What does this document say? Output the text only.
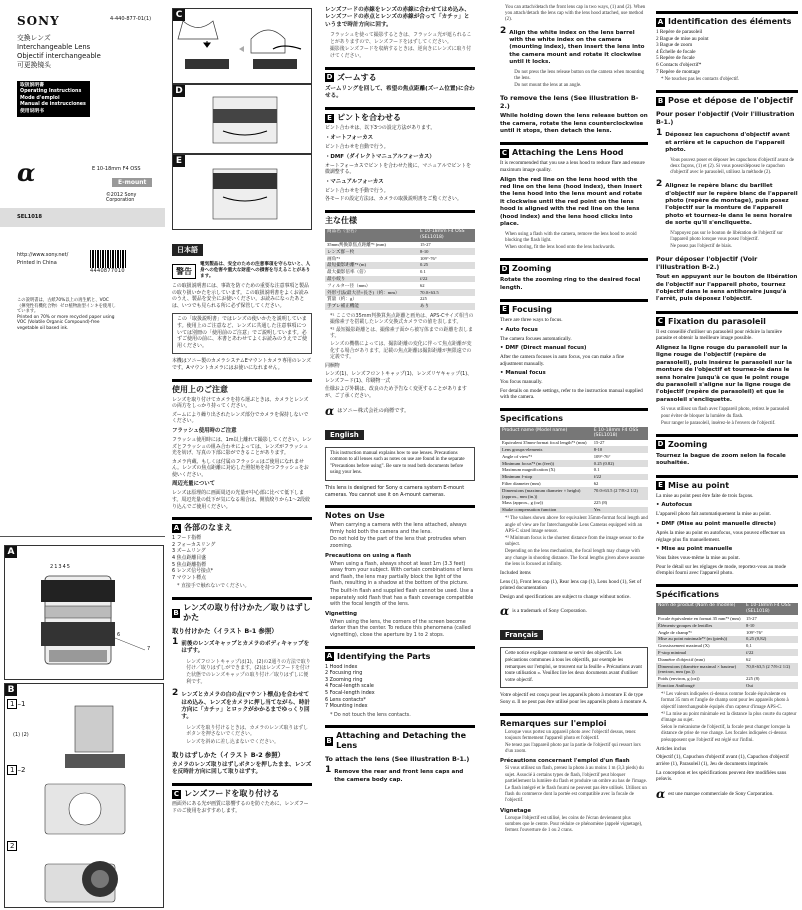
SONY	4-440-877-01(1)
交換レンズ
Interchangeable Lens
Objectif interchangeable
可更换镜头
取扱説明書
Operating Instructions
Mode d'emploi
Manual de instrucciones
使用说明书
α	E 10-18mm F4 OSS
E-mount
©2012 Sony Corporation
SEL1018
http://www.sony.net/
Printed in China
4440877010
この説明書は、古紙70%以上の再生紙と、VOC（揮発性有機化合物）ゼロ植物油型インキを使用しています。
Printed on 70% or more recycled paper using VOC (Volatile Organic Compound)-free vegetable oil based ink.
A
21345
6
7
B
1 –1
(1) (2)
1 –2
2
C
D
E
日本語
警告
電気製品は、安全のための注意事項を守らないと、人身への危害や重大な財産への損害を与えることがあります。
この取扱説明書には、事故を防ぐための重要な注意事項と製品の取り扱いかたを示しています。この取扱説明書をよくお読みのうえ、製品を安全にお使いください。お読みになったあとは、いつでも見られる所に必ず保管してください。
この「取扱説明書」ではレンズの使いかたを説明しています。使用上のご注意など、レンズに共通した注意事項については別冊の「使用前のご注意」でご説明しています。必ずご使用の前に、本書とあわせてよくお読みのうえでご使用ください。
本機はソニー製のカメラシステムEマウントカメラ専用のレンズです。Aマウントカメラにはお使いになれません。
使用上のご注意
レンズを取り付けてカメラを持ち運ぶときは、カメラとレンズの両方をしっかり持ってください。
ズームにより繰り出されたレンズ部分でカメラを保持しないでください。
フラッシュ使用時のご注意
フラッシュ使用時には、1m以上離れて撮影してください。レンズとフラッシュの組み合わせによっては、レンズがフラッシュ光を妨げ、写真の下部に影ができることがあります。
カメラ内蔵、もしくは付属のフラッシュはご使用になれません。レンズの焦点距離に対応した照射角を持つフラッシュをお使いください。
周辺光量について
レンズは原理的に画面周辺の光量が中心部に比べて低下します。周辺光量の低下が気になる場合は、開放絞りから1～2段絞り込んでご使用ください。
A 各部のなまえ
1 フード指標
2 フォーカスリング
3 ズームリング
4 焦点距離目盛
5 焦点距離指標
6 レンズ信号接点*
7 マウント標点
* 直接手で触れないでください。
B
レンズの取り付けかた／取りはずしかた
取り付けかた（イラスト B-1 参照）
1 前後のレンズキャップとカメラのボディキャップをはずす。
レンズフロントキャップは(1)、(2)の2通りの方法で取り付け／取りはずしができます。(2)はレンズフードを付けた状態でのレンズキャップの取り付け／取りはずしに便利です。
2 レンズとカメラの白の点(マウント標点)を合わせてはめ込み、レンズをカメラに押し当てながら、時計方向に「カチッ」とロックがかかるまでゆっくり回す。
レンズを取り付けるときは、カメラのレンズ取りはずしボタンを押さないでください。
レンズを斜めに差し込まないでください。
取りはずしかた（イラスト B-2 参照）
カメラのレンズ取りはずしボタンを押したまま、レンズを反時計方向に回して取りはずす。
C レンズフードを取り付ける
画面外にある光が画質に影響するのを防ぐために、レンズフードのご使用をおすすめします。
レンズフードの赤線をレンズの赤線に合わせてはめ込み、レンズフードの赤点とレンズの赤線が合って「カチッ」というまで時計方向に回す。
フラッシュを使って撮影するときは、フラッシュ光が遮られることがありますので、レンズフードをはずしてください。
撮影後レンズフードを収納するときは、逆向きにレンズに取り付けてください。
D ズームする
ズームリングを回して、希望の焦点距離(ズーム位置)に合わせる。
E ピントを合わせる
ピント合わせは、以下3つの設定方法があります。
・オートフォーカス
ピント合わせを自動で行う。
・DMF（ダイレクトマニュアルフォーカス）
オートフォーカスでピントを合わせた後に、マニュアルでピントを微調整する。
・マニュアルフォーカス
ピント合わせを手動で行う。
各モードの設定方法は、カメラの取扱説明書をご覧ください。
主な仕様
商品名（型名）	E 10-18mm F4 OSS (SEL1018)
35mm判換算焦点距離*¹ (mm)	15-27
レンズ群－枚	8-10
画角*¹	109°-76°
最短撮影距離*² (m)	0.25
最大撮影倍率（倍）	0.1
最小絞り	f/22
フィルター径（mm）	62
外形寸法(最大径×長さ)（約：mm）	70.0×63.5
質量（約：g）	225
手ブレ補正機能	あり
*¹ ここでの35mm判換算焦点距離と画角は、APS-Cサイズ相当の撮像素子を搭載したレンズ交換式カメラでの値を表します。
*² 最短撮影距離とは、撮像素子面から被写体までの距離を表します。
レンズの機構によっては、撮影距離の変化に伴って焦点距離が変化する場合があります。記載の焦点距離は撮影距離が無限遠での定義です。
同梱物
レンズ(1)、レンズフロントキャップ(1)、レンズリヤキャップ(1)、レンズフード(1)、印刷物一式
仕様および外観は、改良のため予告なく変更することがありますが、ご了承ください。
α はソニー株式会社の商標です。
English
This instruction manual explains how to use lenses. Precautions common to all lenses such as notes on use are found in the separate "Precautions before using". Be sure to read both documents before using your lens.
This lens is designed for Sony α camera system E-mount cameras. You cannot use it on A-mount cameras.
Notes on Use
When carrying a camera with the lens attached, always firmly hold both the camera and the lens.
Do not hold by the part of the lens that protrudes when zooming.
Precautions on using a flash
When using a flash, always shoot at least 1m (3.3 feet) away from your subject. With certain combinations of lens and flash, the lens may partially block the light of the flash, resulting in a shadow at the bottom of the picture.
The built-in flash and supplied flash cannot be used. Use a separately sold flash that has a flash coverage compatible with the focal length of the lens.
Vignetting
When using the lens, the corners of the screen become darker than the center. To reduce this phenomena (called vignetting), close the aperture by 1 to 2 stops.
A Identifying the Parts
1 Hood index
2 Focusing ring
3 Zooming ring
4 Focal-length scale
5 Focal-length index
6 Lens contacts*
7 Mounting index
* Do not touch the lens contacts.
B
Attaching and Detaching the Lens
To attach the lens (See illustration B-1.)
1 Remove the rear and front lens caps and the camera body cap.
You can attach/detach the front lens cap in two ways, (1) and (2). When you attach/detach the lens cap with the lens hood attached, use method (2).
2 Align the white index on the lens barrel with the white index on the camera (mounting index), then insert the lens into the camera mount and rotate it clockwise until it locks.
Do not press the lens release button on the camera when mounting the lens.
Do not mount the lens at an angle.
To remove the lens (See illustration B-2.)
While holding down the lens release button on the camera, rotate the lens counterclockwise until it stops, then detach the lens.
C Attaching the Lens Hood
It is recommended that you use a lens hood to reduce flare and ensure maximum image quality.
Align the red line on the lens hood with the red line on the lens (hood index), then insert the lens hood into the lens mount and rotate it clockwise until the red point on the lens hood is aligned with the red line on the lens (hood index) and the lens hood clicks into place.
When using a flash with the camera, remove the lens hood to avoid blocking the flash light.
When storing, fit the lens hood onto the lens backwards.
D Zooming
Rotate the zooming ring to the desired focal length.
E Focusing
There are three ways to focus.
• Auto focus
The camera focuses automatically.
• DMF (Direct manual focus)
After the camera focuses in auto focus, you can make a fine adjustment manually.
• Manual focus
You focus manually.
For details on mode settings, refer to the instruction manual supplied with the camera.
Specifications
Product name (Model name)	E 10-18mm F4 OSS (SEL1018)
Equivalent 35mm-format focal length*¹ (mm)	15-27
Lens groups-elements	8-10
Angle of view*¹	109°-76°
Minimum focus*² (m (feet))	0.25 (0.82)
Maximum magnification (X)	0.1
Minimum f-stop	f/22
Filter diameter (mm)	62
Dimensions (maximum diameter × height) (approx., mm (in.))	70.0×63.5 (2 7/8×2 1/2)
Mass (approx., g (oz))	225 (8)
Shake compensation function	Yes
*¹ The values shown above for equivalent 35mm-format focal length and angle of view are for Interchangeable Lens Cameras equipped with an APS-C sized image sensor.
*² Minimum focus is the shortest distance from the image sensor to the subject.
Depending on the lens mechanism, the focal length may change with any change in shooting distance. The focal lengths given above assume the lens is focused at infinity.
Included items
Lens (1), Front lens cap (1), Rear lens cap (1), Lens hood (1), Set of printed documentation
Design and specifications are subject to change without notice.
α is a trademark of Sony Corporation.
Français
Cette notice explique comment se servir des objectifs. Les précautions communes à tous les objectifs, par exemple les remarques sur l'emploi, se trouvent sur la feuille « Précautions avant toute utilisation ». Veuillez lire les deux documents avant d'utiliser votre objectif.
Votre objectif est conçu pour les appareils photo à monture E de type Sony α. Il ne peut pas être utilisé pour les appareils photo à monture A.
Remarques sur l'emploi
Lorsque vous portez un appareil photo avec l'objectif dessus, tenez toujours fermement l'appareil photo et l'objectif.
Ne tenez pas l'appareil photo par la partie de l'objectif qui ressort lors d'un zoom.
Précautions concernant l'emploi d'un flash
Si vous utilisez un flash, prenez la photo à au moins 1 m (3,3 pieds) du sujet. Associé à certains types de flash, l'objectif peut bloquer partiellement la lumière du flash et produire un ombre au bas de l'image.
Le flash intégré et le flash fourni ne peuvent pas être utilisés. Utilisez un flash du commerce dont la portée est compatible avec la focale de l'objectif.
Vignetage
Lorsque l'objectif est utilisé, les coins de l'écran deviennent plus sombres que le centre. Pour réduire ce phénomène (appelé vignetage), fermez l'ouverture de 1 ou 2 crans.
A Identification des éléments
1 Repère de parasoleil
2 Bague de mise au point
3 Bague de zoom
4 Échelle de focale
5 Repère de focale
6 Contacts d'objectif*
7 Repère de montage
* Ne touchez pas les contacts d'objectif.
B Pose et dépose de l'objectif
Pour poser l'objectif (Voir l'illustration B-1.)
1 Déposez les capuchons d'objectif avant et arrière et le capuchon de l'appareil photo.
Vous pouvez poser et déposer les capuchons d'objectif avant de deux façons, (1) et (2). Si vous posez/déposez le capuchon d'objectif avec le parasoleil, utilisez la méthode (2).
2 Alignez le repère blanc du barillet d'objectif sur le repère blanc de l'appareil photo (repère de montage), puis posez l'objectif sur la monture de l'appareil photo et tournez-le dans le sens horaire de sorte qu'il s'encliquette.
N'appuyez pas sur le bouton de libération de l'objectif sur l'appareil photo lorsque vous posez l'objectif.
Ne posez pas l'objectif de biais.
Pour déposer l'objectif (Voir l'illustration B-2.)
Tout en appuyant sur le bouton de libération de l'objectif sur l'appareil photo, tournez l'objectif dans le sens antihoraire jusqu'à l'arrêt, puis déposez l'objectif.
C Fixation du parasoleil
Il est conseillé d'utiliser un parasoleil pour réduire la lumière parasite et obtenir la meilleure image possible.
Alignez la ligne rouge du parasoleil sur la ligne rouge de l'objectif (repère de parasoleil), puis insérez le parasoleil sur la monture de l'objectif et tournez-le dans le sens horaire jusqu'à ce que le point rouge du parasoleil s'aligne sur la ligne rouge de l'objectif (repère de parasoleil) et que le parasoleil s'encliquette.
Si vous utilisez un flash avec l'appareil photo, retirez le parasoleil pour éviter de bloquer la lumière du flash.
Pour ranger le parasoleil, insérez-le à l'envers de l'objectif.
D Zooming
Tournez la bague de zoom selon la focale souhaitée.
E Mise au point
La mise au point peut être faite de trois façons.
• Autofocus
L'appareil photo fait automatiquement la mise au point.
• DMF (Mise au point manuelle directe)
Après la mise au point en autofocus, vous pouvez effectuer un réglage plus fin manuellement.
• Mise au point manuelle
Vous faites vous-même la mise au point.
Pour le détail sur les réglages de mode, reportez-vous au mode d'emploi fourni avec l'appareil photo.
Spécifications
Nom de produit (Nom de modèle)	E 10-18mm F4 OSS (SEL1018)
Focale équivalente en format 35 mm*¹ (mm)	15-27
Éléments-groupes de lentilles	8-10
Angle de champ*¹	109°-76°
Mise au point minimale*² (m (pieds))	0,25 (0,82)
Grossissement maximal (X)	0,1
F-stop minimal	f/22
Diamètre d'objectif (mm)	62
Dimensions (diamètre maximal × hauteur) (environ, mm (po.))	70,0×63,5 (2 7/8×2 1/2)
Poids (environ, g (oz))	225 (8)
Fonction Antibougé	Oui
*¹ Les valeurs indiquées ci-dessus comme focale équivalente en format 35 mm et l'angle de champ sont pour les appareils photo à objectif interchangeable équipés d'un capteur d'image APS-C.
*² La mise au point minimale est la distance la plus courte du capteur d'image au sujet.
Selon le mécanisme de l'objectif, la focale peut changer lorsque la distance de prise de vue change. Les focales indiquées ci-dessus présupposent que l'objectif est réglé sur l'infini.
Articles inclus
Objectif (1), Capuchon d'objectif avant (1), Capuchon d'objectif arrière (1), Parasoleil (1), Jeu de documents imprimés
La conception et les spécifications peuvent être modifiées sans préavis.
α est une marque commerciale de Sony Corporation.
